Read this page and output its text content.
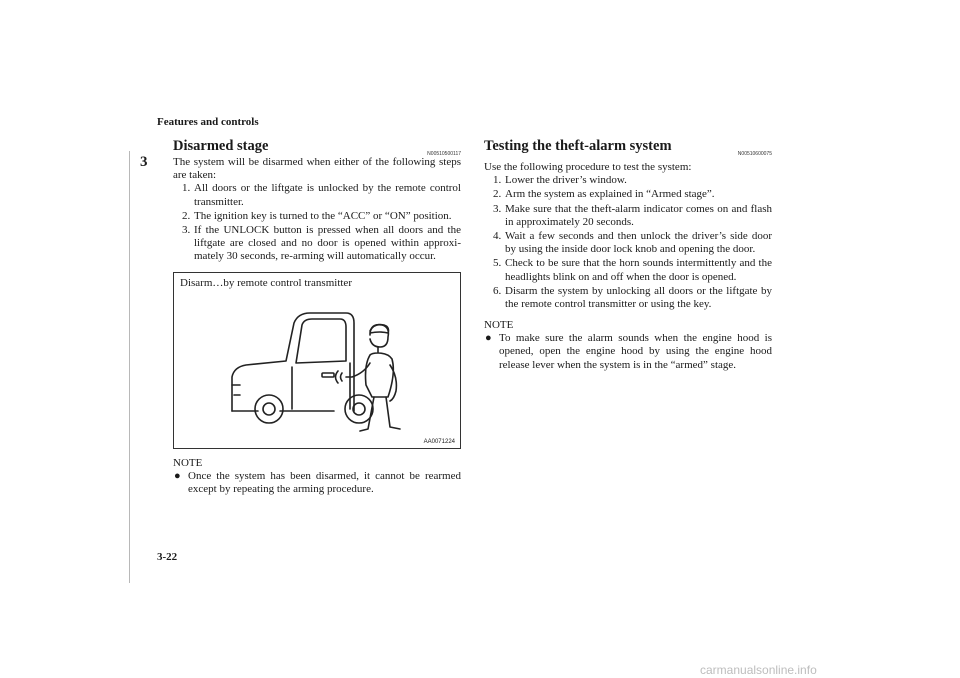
Features and controls
3
Disarmed stage	N00510500117
The system will be disarmed when either of the following steps are taken:
1. All doors or the liftgate is unlocked by the remote control transmitter.
2. The ignition key is turned to the “ACC” or “ON” position.
3. If the UNLOCK button is pressed when all doors and the liftgate are closed and no door is opened within approxi-mately 30 seconds, re-arming will automatically occur.
Disarm…by remote control transmitter
AA0071224
NOTE
● Once the system has been disarmed, it cannot be rearmed except by repeating the arming procedure.
Testing the theft-alarm system	N00510600075
Use the following procedure to test the system:
1. Lower the driver’s window.
2. Arm the system as explained in “Armed stage”.
3. Make sure that the theft-alarm indicator comes on and flash in approximately 20 seconds.
4. Wait a few seconds and then unlock the driver’s side door by using the inside door lock knob and opening the door.
5. Check to be sure that the horn sounds intermittently and the headlights blink on and off when the door is opened.
6. Disarm the system by unlocking all doors or the liftgate by the remote control transmitter or using the key.
NOTE
● To make sure the alarm sounds when the engine hood is opened, open the engine hood by using the engine hood release lever when the system is in the “armed” stage.
3-22
carmanualsonline.info
